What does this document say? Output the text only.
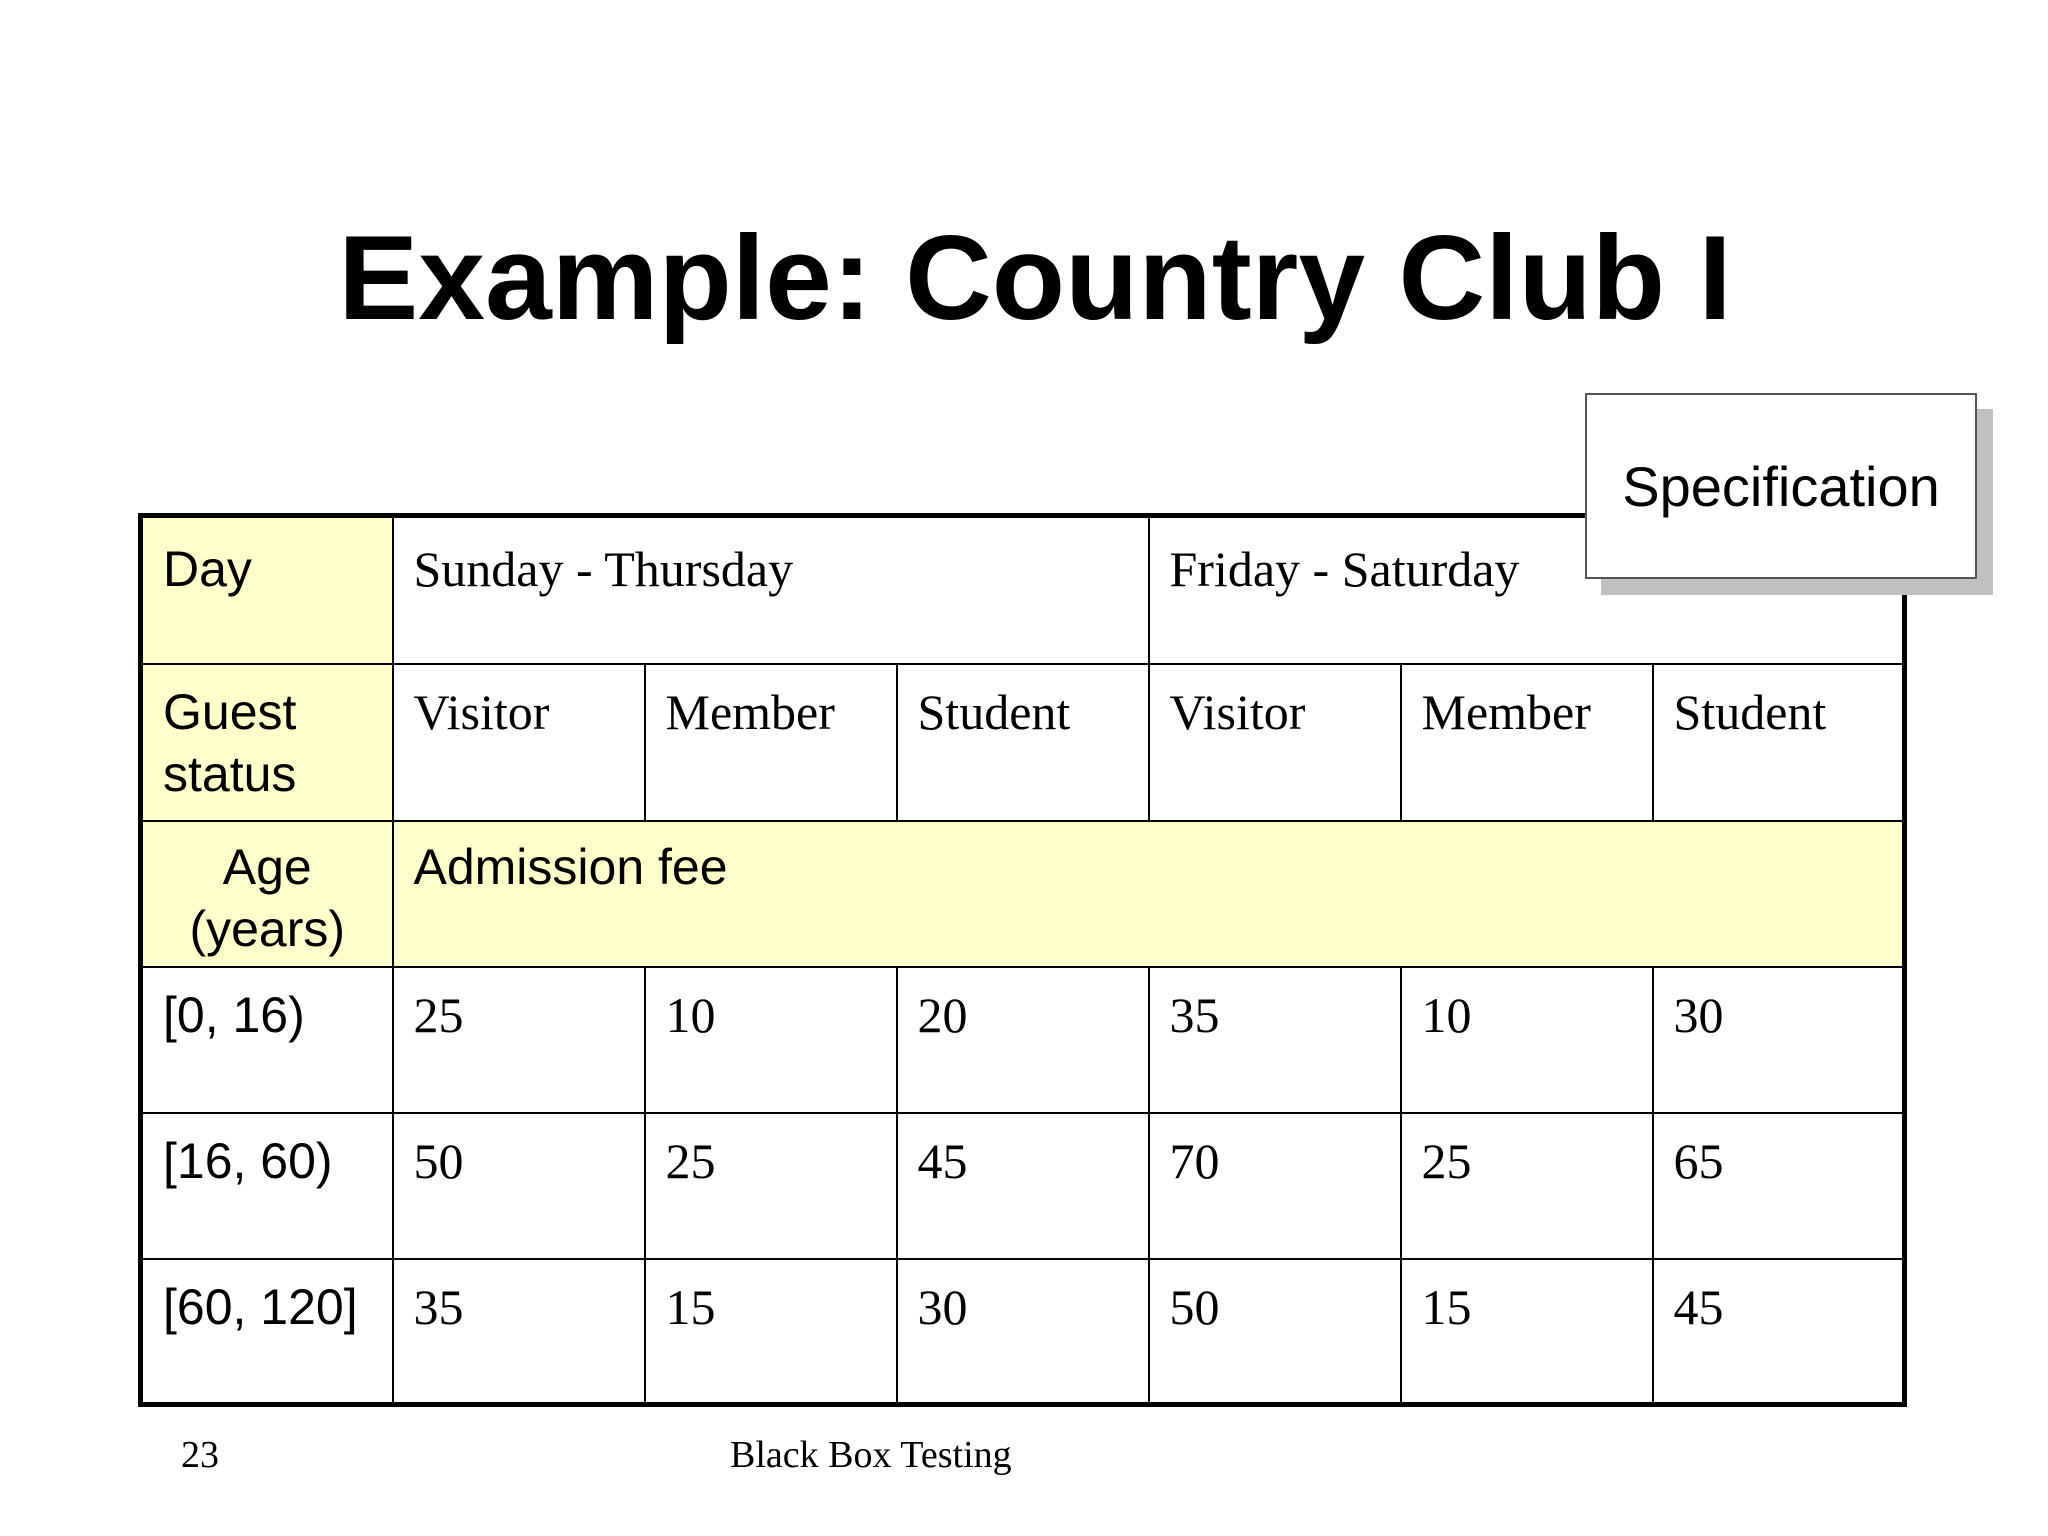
Example: Country Club I
Day	Sunday - Thursday			Friday - Saturday		
Guest status	Visitor	Member	Student	Visitor	Member	Student
Age (years)	Admission fee					
[0, 16)	25	10	20	35	10	30
[16, 60)	50	25	45	70	25	65
[60, 120]	35	15	30	50	15	45
Specification
23	Black Box Testing
